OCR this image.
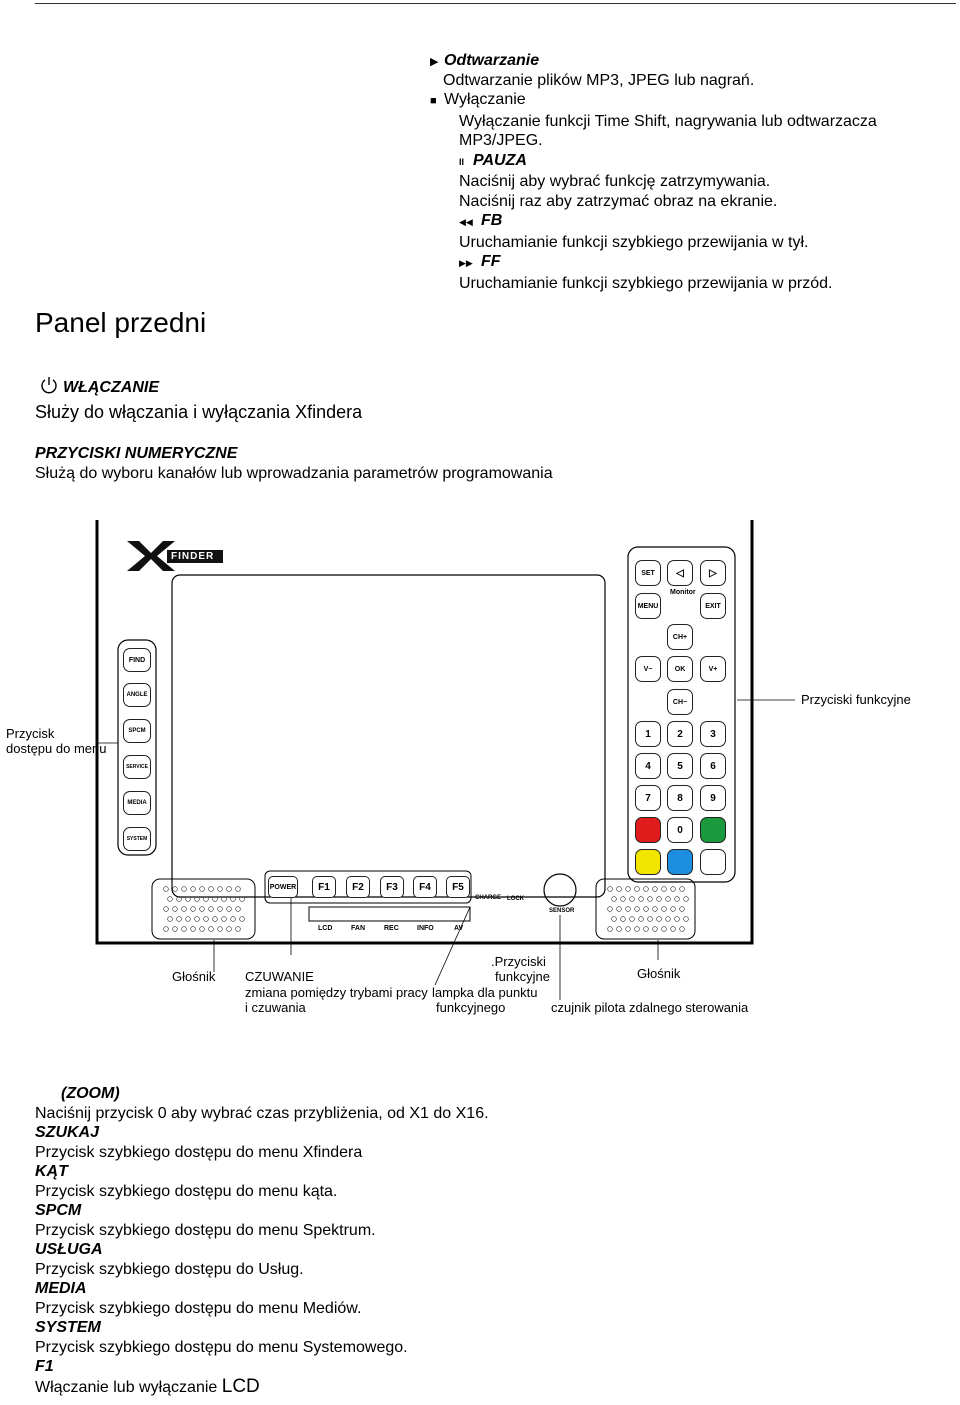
▶ Odtwarzanie
Odtwarzanie plików MP3, JPEG lub nagrań.
■ Wyłączanie
Wyłączanie funkcji Time Shift, nagrywania lub odtwarzacza
MP3/JPEG.
II PAUZA
Naciśnij aby wybrać funkcję zatrzymywania.
Naciśnij raz aby zatrzymać obraz na ekranie.
◀◀ FB
Uruchamianie funkcji szybkiego przewijania w tył.
▶▶ FF
Uruchamianie funkcji szybkiego przewijania w przód.
Panel przedni
WŁĄCZANIE
Służy do włączania i wyłączania Xfindera
PRZYCISKI NUMERYCZNE
Służą do wyboru kanałów lub wprowadzania parametrów programowania
FINDER
FIND
ANGLE
SPCM
SERVICE
MEDIA
SYSTEM
SET	◁	▷
Monitor
MENU	EXIT
CH+
V−	OK	V+
CH−
1	2	3
4	5	6
7	8	9
0
POWER	F1	F2	F3	F4	F5
CHARGE LOCK
SENSOR
LCD	FAN	REC	INFO	AV
Przyciski funkcyjne
Przycisk
dostępu do menu
Głośnik CZUWANIE
zmiana pomiędzy trybami pracy
i czuwania
.Przyciski
funkcyjne
lampka dla punktu
funkcyjnego
Głośnik
czujnik pilota zdalnego sterowania
(ZOOM)
Naciśnij przycisk 0 aby wybrać czas przybliżenia, od X1 do X16.
SZUKAJ
Przycisk szybkiego dostępu do menu Xfindera
KĄT
Przycisk szybkiego dostępu do menu kąta.
SPCM
Przycisk szybkiego dostępu do menu Spektrum.
USŁUGA
Przycisk szybkiego dostępu do Usług.
MEDIA
Przycisk szybkiego dostępu do menu Mediów.
SYSTEM
Przycisk szybkiego dostępu do menu Systemowego.
F1
Włączanie lub wyłączanie LCD
